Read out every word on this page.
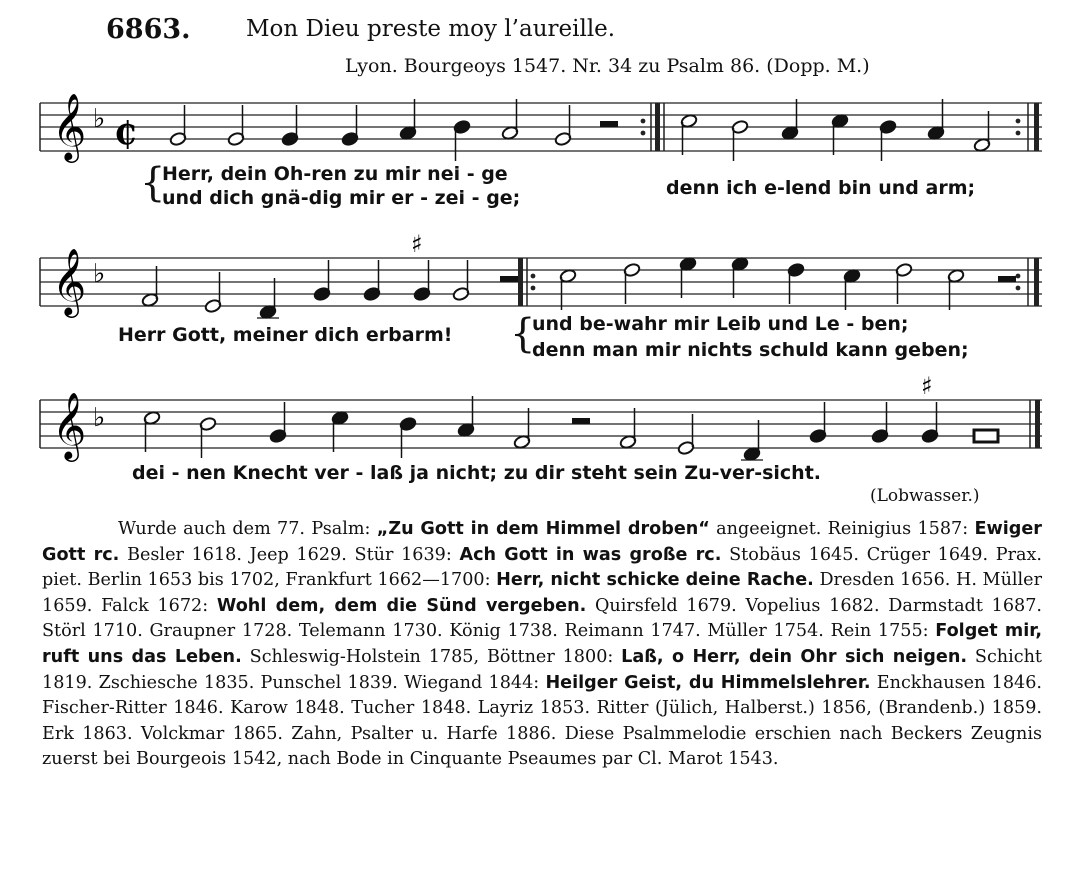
6863. Mon Dieu preste moy l’aureille.
Lyon. Bourgeoys 1547. Nr. 34 zu Psalm 86. (Dopp. M.)
𝄞 ♭ ₵
𝄞 ♭
♯
𝄞 ♭
♯
{
Herr, dein Oh-ren zu mir nei - ge
und dich gnä-dig mir er - zei - ge;	denn ich e-lend bin und arm;
Herr Gott, meiner dich erbarm! {
und be-wahr mir Leib und Le - ben;
denn man mir nichts schuld kann geben;
dei - nen Knecht ver - laß ja nicht; zu dir steht sein Zu-ver-sicht.
(Lobwasser.)
Wurde auch dem 77. Psalm: „Zu Gott in dem Himmel droben“ angeeignet. Reinigius 1587: Ewiger Gott rc. Besler 1618. Jeep 1629. Stür 1639: Ach Gott in was große rc. Stobäus 1645. Crüger 1649. Prax. piet. Berlin 1653 bis 1702, Frankfurt 1662—1700: Herr, nicht schicke deine Rache. Dresden 1656. H. Müller 1659. Falck 1672: Wohl dem, dem die Sünd vergeben. Quirsfeld 1679. Vopelius 1682. Darmstadt 1687. Störl 1710. Graupner 1728. Telemann 1730. König 1738. Reimann 1747. Müller 1754. Rein 1755: Folget mir, ruft uns das Leben. Schleswig-Holstein 1785, Böttner 1800: Laß, o Herr, dein Ohr sich neigen. Schicht 1819. Zschiesche 1835. Punschel 1839. Wiegand 1844: Heilger Geist, du Himmelslehrer. Enckhausen 1846. Fischer-Ritter 1846. Karow 1848. Tucher 1848. Layriz 1853. Ritter (Jülich, Halberst.) 1856, (Brandenb.) 1859. Erk 1863. Volckmar 1865. Zahn, Psalter u. Harfe 1886. Diese Psalmmelodie erschien nach Beckers Zeugnis zuerst bei Bourgeois 1542, nach Bode in Cinquante Pseaumes par Cl. Marot 1543.
